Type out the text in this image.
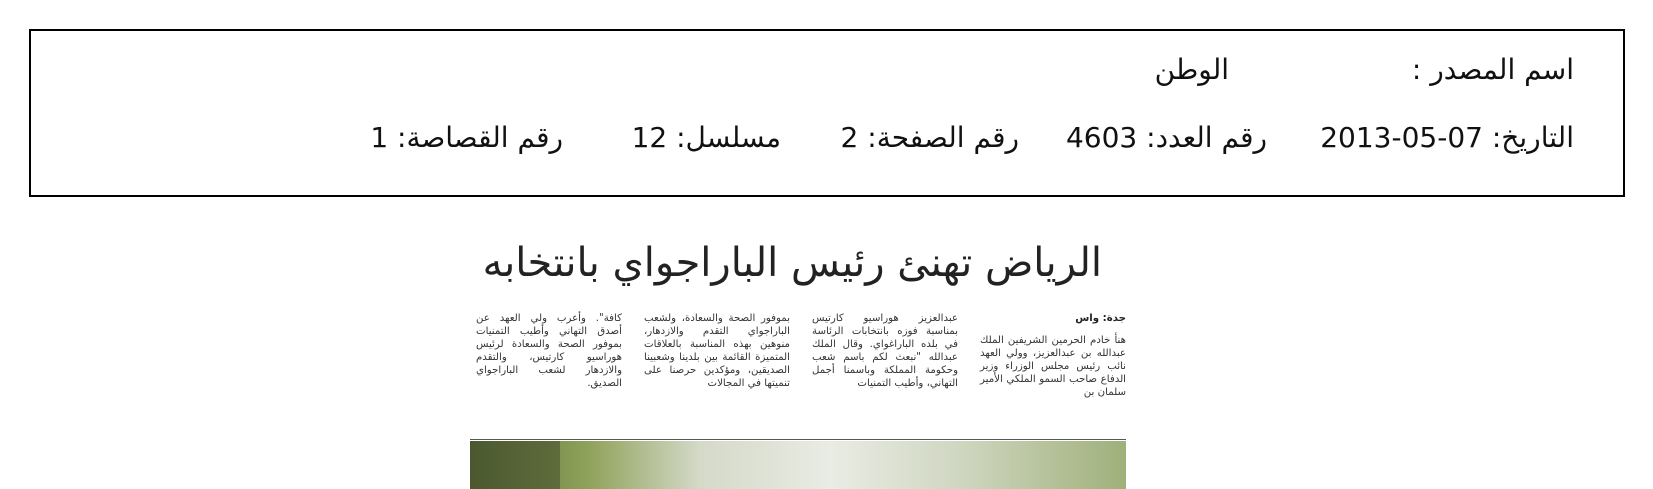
اسم المصدر :
الوطن
التاريخ: 2013-05-07
رقم العدد: 4603
رقم الصفحة: 2
مسلسل: 12
رقم القصاصة: 1
الرياض تهنئ رئيس الباراجواي بانتخابه
جدة: واس

هنأ خادم الحرمين الشريفين الملك عبدالله بن عبدالعزيز، وولي العهد نائب رئيس مجلس الوزراء وزير الدفاع صاحب السمو الملكي الأمير سلمان بن

عبدالعزيز هوراسيو كارتيس بمناسبة فوزه بانتخابات الرئاسة في بلده الباراغواي. وقال الملك عبدالله "نبعث لكم باسم شعب وحكومة المملكة وباسمنا أجمل التهاني، وأطيب التمنيات

بموفور الصحة والسعادة، ولشعب الباراجواي التقدم والازدهار، منوهين بهذه المناسبة بالعلاقات المتميزة القائمة بين بلدينا وشعبينا الصديقين، ومؤكدين حرصنا على تنميتها في المجالات

كافة". وأعرب ولي العهد عن أصدق التهاني وأطيب التمنيات بموفور الصحة والسعادة لرئيس هوراسيو كارتيس، والتقدم والازدهار لشعب الباراجواي الصديق.
